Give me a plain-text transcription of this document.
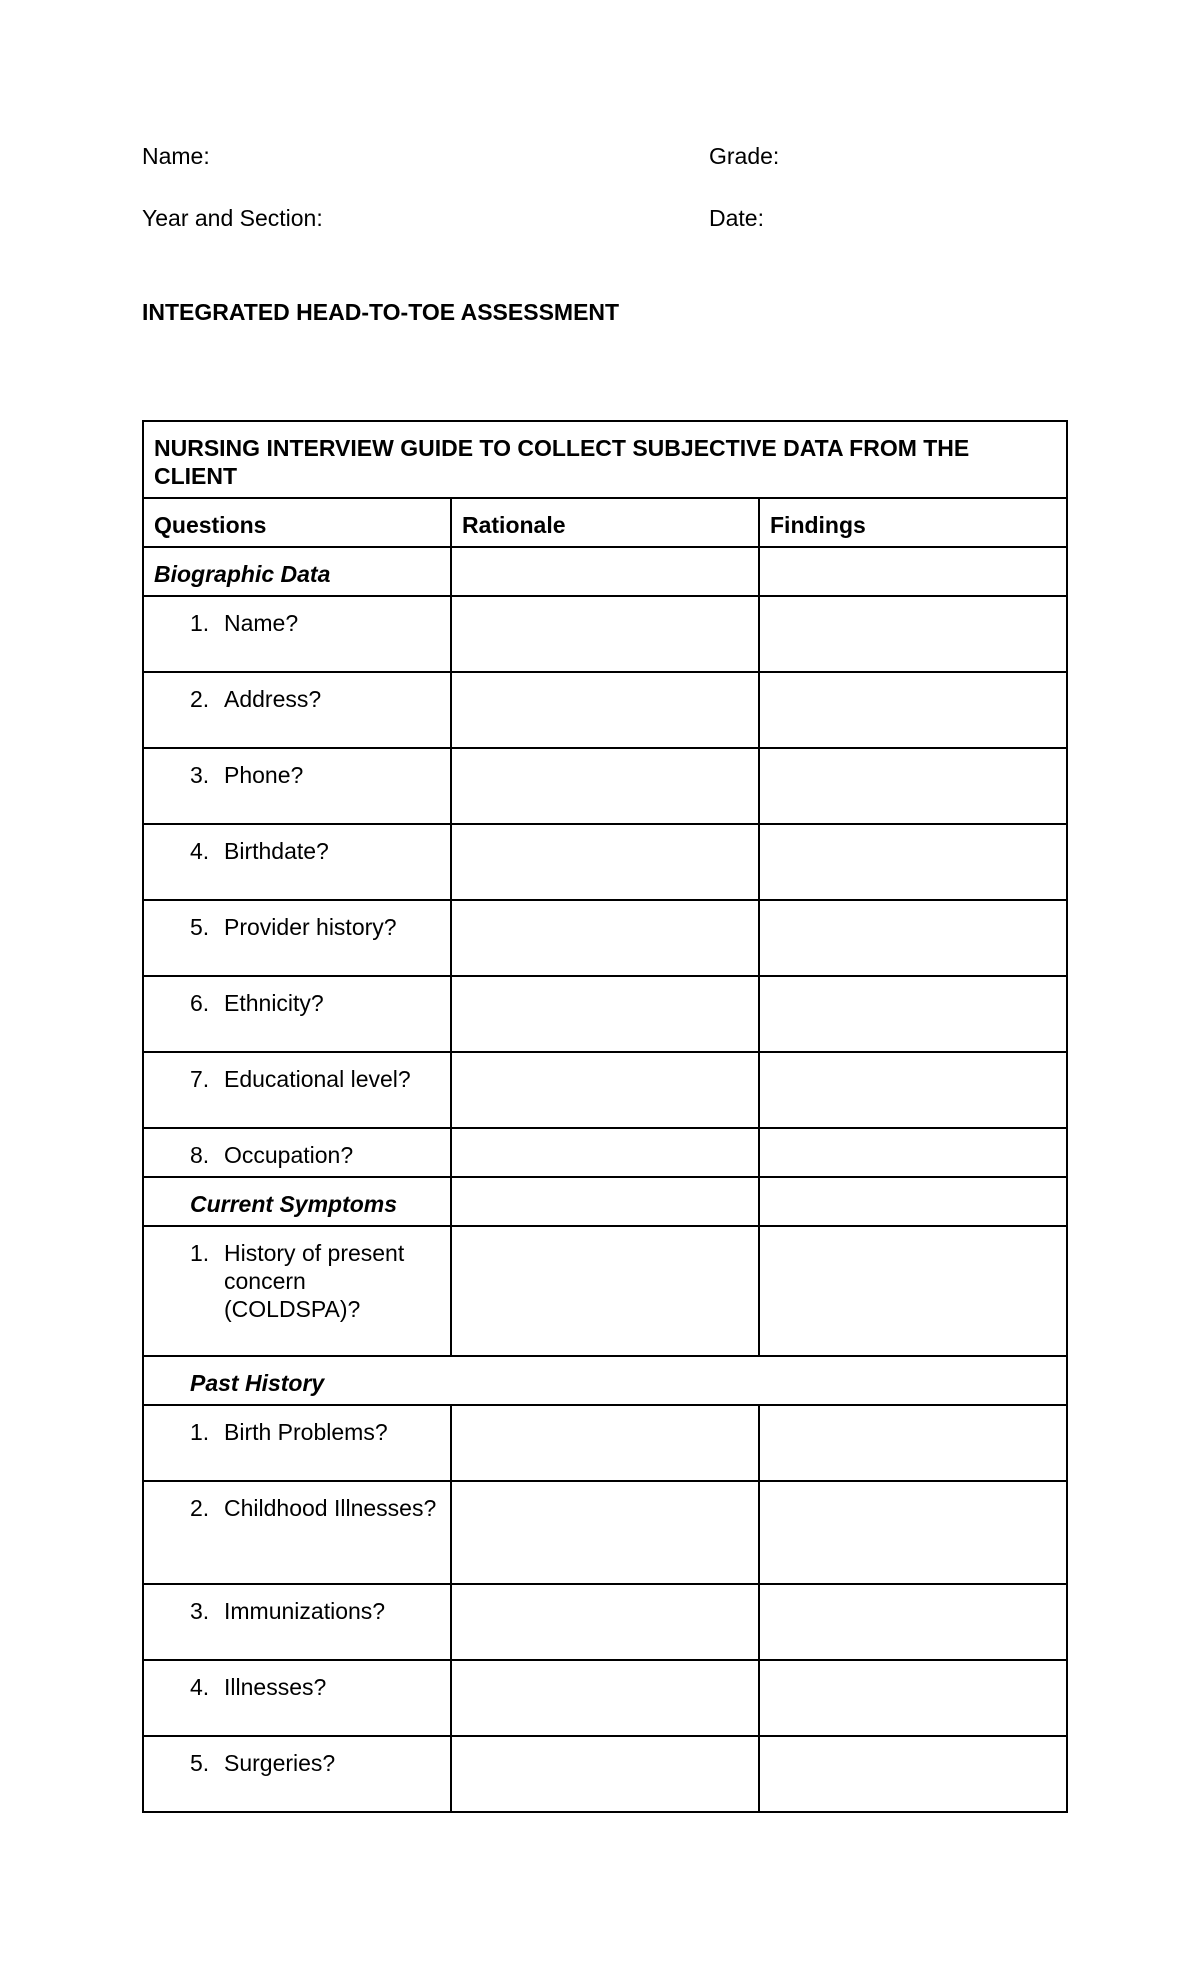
Name:	Grade:
Year and Section:	Date:
INTEGRATED HEAD-TO-TOE ASSESSMENT
NURSING INTERVIEW GUIDE TO COLLECT SUBJECTIVE DATA FROM THE CLIENT		
Questions	Rationale	Findings
Biographic Data		

1. Name?		

2. Address?		

3. Phone?		

4. Birthdate?		

5. Provider history?		

6. Ethnicity?		

7. Educational level?		

8. Occupation?		

Current Symptoms		

1. History of present concern (COLDSPA)?		

Past History		

1. Birth Problems?		

2. Childhood Illnesses?		

3. Immunizations?		

4. Illnesses?		

5. Surgeries?		
